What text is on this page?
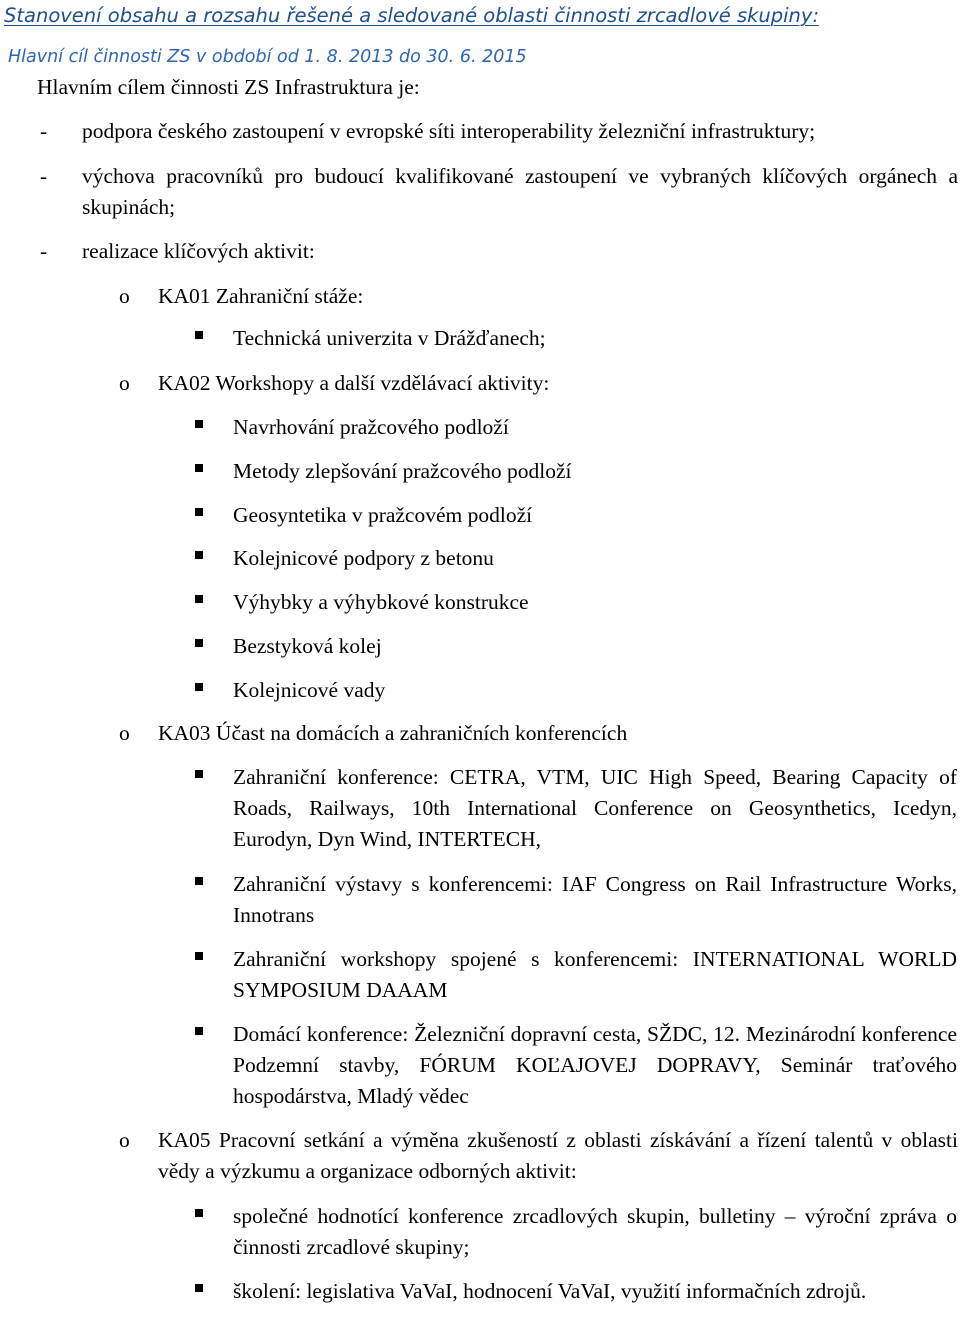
Stanovení obsahu a rozsahu řešené a sledované oblasti činnosti zrcadlové skupiny:
Hlavní cíl činnosti ZS v období od 1. 8. 2013 do 30. 6. 2015
Hlavním cílem činnosti ZS Infrastruktura je:
- podpora českého zastoupení v evropské síti interoperability železniční infrastruktury;
- výchova pracovníků pro budoucí kvalifikované zastoupení ve vybraných klíčových orgánech a skupinách;
- realizace klíčových aktivit:
o KA01 Zahraniční stáže:
Technická univerzita v Drážďanech;
o KA02 Workshopy a další vzdělávací aktivity:
Navrhování pražcového podloží
Metody zlepšování pražcového podloží
Geosyntetika v pražcovém podloží
Kolejnicové podpory z betonu
Výhybky a výhybkové konstrukce
Bezstyková kolej
Kolejnicové vady
o KA03 Účast na domácích a zahraničních konferencích
Zahraniční konference: CETRA, VTM, UIC High Speed, Bearing Capacity of Roads, Railways, 10th International Conference on Geosynthetics, Icedyn, Eurodyn, Dyn Wind, INTERTECH,
Zahraniční výstavy s konferencemi: IAF Congress on Rail Infrastructure Works, Innotrans
Zahraniční workshopy spojené s konferencemi: INTERNATIONAL WORLD SYMPOSIUM DAAAM
Domácí konference: Železniční dopravní cesta, SŽDC, 12. Mezinárodní konference Podzemní stavby, FÓRUM KOĽAJOVEJ DOPRAVY, Seminár traťového hospodárstva, Mladý vědec
o KA05 Pracovní setkání a výměna zkušeností z oblasti získávání a řízení talentů v oblasti vědy a výzkumu a organizace odborných aktivit:
společné hodnotící konference zrcadlových skupin, bulletiny – výroční zpráva o činnosti zrcadlové skupiny;
školení: legislativa VaVaI, hodnocení VaVaI, využití informačních zdrojů.
